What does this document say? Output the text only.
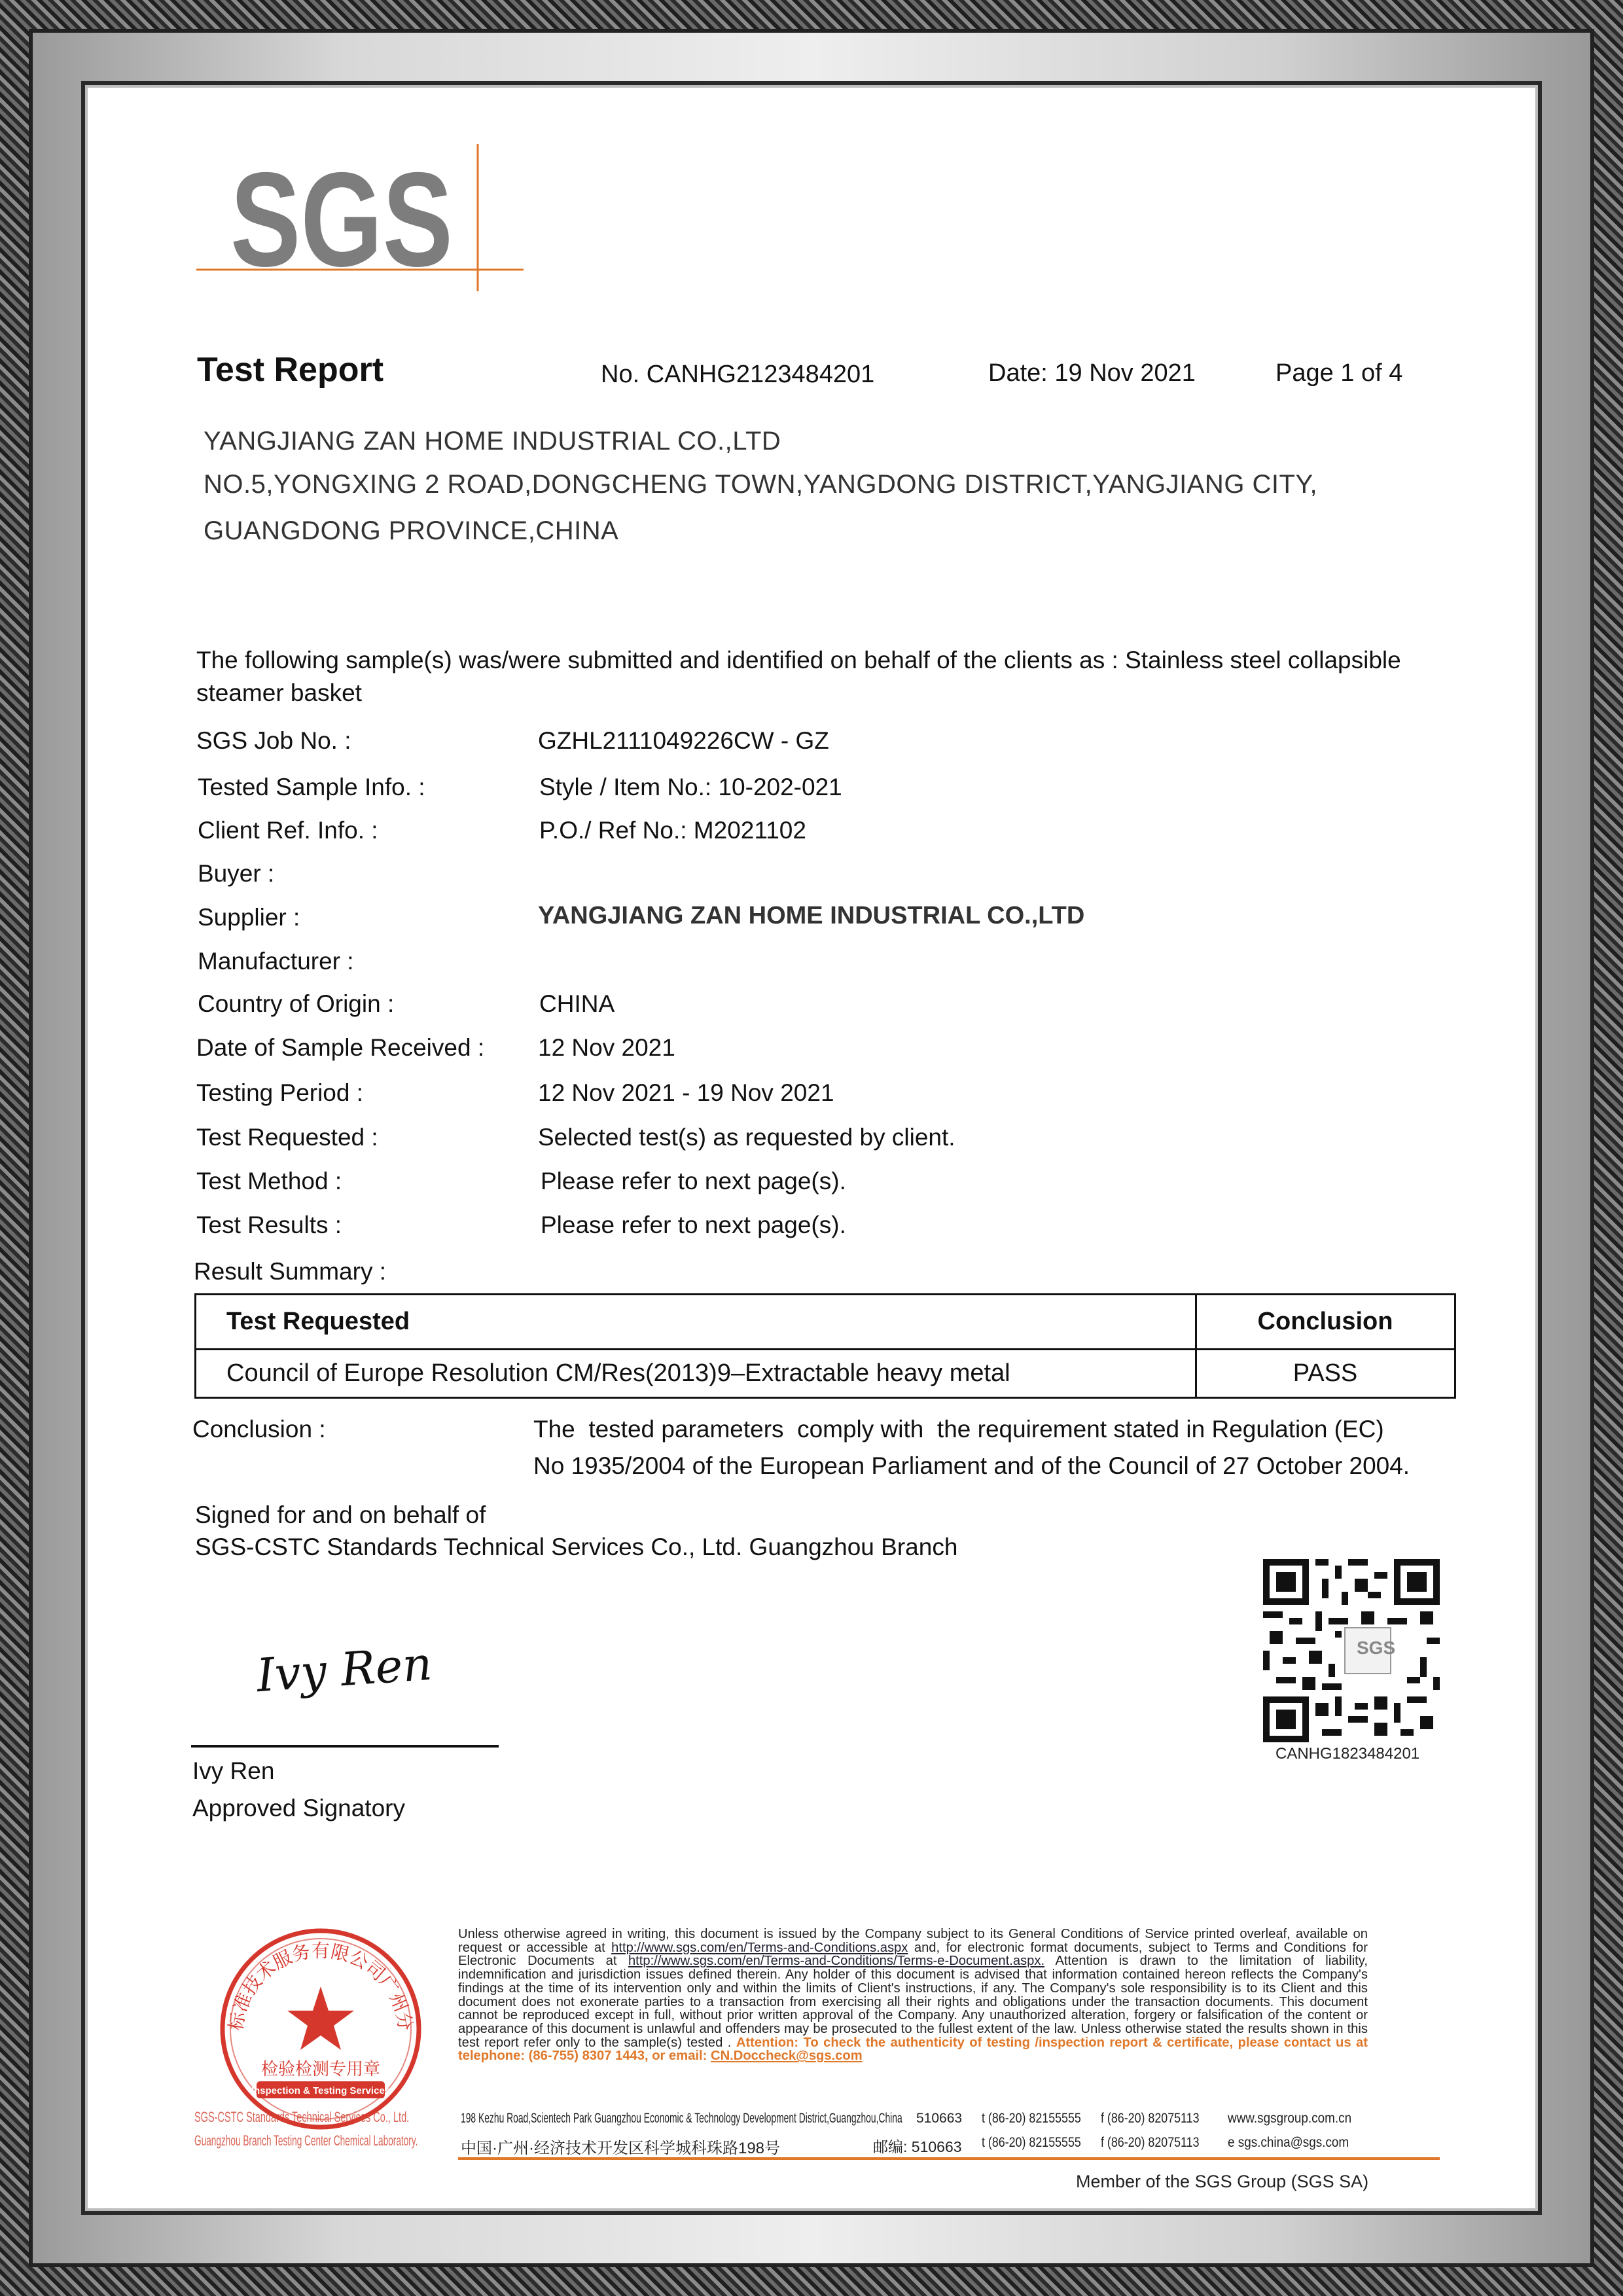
SGS
Test Report	No. CANHG2123484201	Date: 19 Nov 2021	Page 1 of 4
YANGJIANG ZAN HOME INDUSTRIAL CO.,LTD
NO.5,YONGXING 2 ROAD,DONGCHENG TOWN,YANGDONG DISTRICT,YANGJIANG CITY,
GUANGDONG PROVINCE,CHINA
The following sample(s) was/were submitted and identified on behalf of the clients as : Stainless steel collapsible
steamer basket
SGS Job No. :	GZHL2111049226CW - GZ
Tested Sample Info. :	Style / Item No.: 10-202-021
Client Ref. Info. :	P.O./ Ref No.: M2021102
Buyer :
Supplier :	YANGJIANG ZAN HOME INDUSTRIAL CO.,LTD
Manufacturer :
Country of Origin :	CHINA
Date of Sample Received : 12 Nov 2021
Testing Period :	12 Nov 2021 - 19 Nov 2021
Test Requested :	Selected test(s) as requested by client.
Test Method :	Please refer to next page(s).
Test Results :	Please refer to next page(s).
Result Summary :
Test Requested	Conclusion
Council of Europe Resolution CM/Res(2013)9–Extractable heavy metal	PASS
Conclusion :	The  tested parameters  comply with  the requirement stated in Regulation (EC)
No 1935/2004 of the European Parliament and of the Council of 27 October 2004.
Signed for and on behalf of
SGS-CSTC Standards Technical Services Co., Ltd. Guangzhou Branch
Ivy Ren
Ivy Ren
Approved Signatory
SGS
CANHG1823484201
标准技术服务有限公司广州分
检验检测专用章
Inspection & Testing Services
SGS-CSTC Standards Technical Services Co., Ltd.
Guangzhou Branch Testing Center Chemical Laboratory.
Unless otherwise agreed in writing, this document is issued by the Company subject to its General Conditions of Service printed overleaf, available on request or accessible at http://www.sgs.com/en/Terms-and-Conditions.aspx and, for electronic format documents, subject to Terms and Conditions for Electronic Documents at http://www.sgs.com/en/Terms-and-Conditions/Terms-e-Document.aspx. Attention is drawn to the limitation of liability, indemnification and jurisdiction issues defined therein. Any holder of this document is advised that information contained hereon reflects the Company's findings at the time of its intervention only and within the limits of Client's instructions, if any. The Company's sole responsibility is to its Client and this document does not exonerate parties to a transaction from exercising all their rights and obligations under the transaction documents. This document cannot be reproduced except in full, without prior written approval of the Company. Any unauthorized alteration, forgery or falsification of the content or appearance of this document is unlawful and offenders may be prosecuted to the fullest extent of the law. Unless otherwise stated the results shown in this test report refer only to the sample(s) tested . Attention: To check the authenticity of testing /inspection report & certificate, please contact us at telephone: (86-755) 8307 1443, or email: CN.Doccheck@sgs.com
198 Kezhu Road,Scientech Park Guangzhou Economic & Technology Development District,Guangzhou,China 510663 t (86-20) 82155555 f (86-20) 82075113 www.sgsgroup.com.cn
中国·广州·经济技术开发区科学城科珠路198号	邮编: 510663 t (86-20) 82155555 f (86-20) 82075113 e sgs.china@sgs.com
Member of the SGS Group (SGS SA)
